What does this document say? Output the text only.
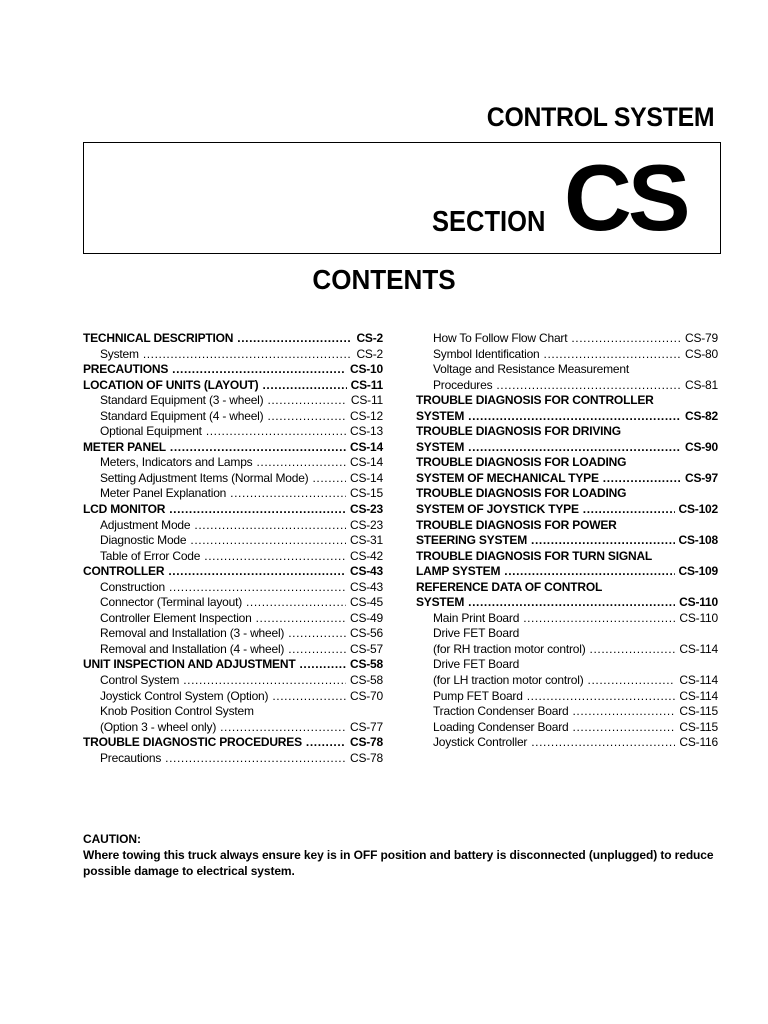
CONTROL SYSTEM
SECTION CS
CONTENTS
TECHNICAL DESCRIPTION .....	CS-2
System .....	CS-2
PRECAUTIONS .....	CS-10
LOCATION OF UNITS (LAYOUT) .....	CS-11
Standard Equipment (3 - wheel) .....	CS-11
Standard Equipment (4 - wheel) .....	CS-12
Optional Equipment .....	CS-13
METER PANEL .....	CS-14
Meters, Indicators and Lamps .....	CS-14
Setting Adjustment Items (Normal Mode) .....	CS-14
Meter Panel Explanation .....	CS-15
LCD MONITOR .....	CS-23
Adjustment Mode .....	CS-23
Diagnostic Mode .....	CS-31
Table of Error Code .....	CS-42
CONTROLLER .....	CS-43
Construction .....	CS-43
Connector (Terminal layout) .....	CS-45
Controller Element Inspection .....	CS-49
Removal and Installation (3 - wheel) .....	CS-56
Removal and Installation (4 - wheel) .....	CS-57
UNIT INSPECTION AND ADJUSTMENT .....	CS-58
Control System .....	CS-58
Joystick Control System (Option) .....	CS-70
Knob Position Control System
(Option 3 - wheel only) .....	CS-77
TROUBLE DIAGNOSTIC PROCEDURES .....	CS-78
Precautions .....	CS-78
How To Follow Flow Chart .....	CS-79
Symbol Identification .....	CS-80
Voltage and Resistance Measurement
Procedures .....	CS-81
TROUBLE DIAGNOSIS FOR CONTROLLER
SYSTEM .....	CS-82
TROUBLE DIAGNOSIS FOR DRIVING
SYSTEM .....	CS-90
TROUBLE DIAGNOSIS FOR LOADING
SYSTEM OF MECHANICAL TYPE .....	CS-97
TROUBLE DIAGNOSIS FOR LOADING
SYSTEM OF JOYSTICK TYPE .....	CS-102
TROUBLE DIAGNOSIS FOR POWER
STEERING SYSTEM .....	CS-108
TROUBLE DIAGNOSIS FOR TURN SIGNAL
LAMP SYSTEM .....	CS-109
REFERENCE DATA OF CONTROL
SYSTEM .....	CS-110
Main Print Board .....	CS-110
Drive FET Board
(for RH traction motor control) .....	CS-114
Drive FET Board
(for LH traction motor control) .....	CS-114
Pump FET Board .....	CS-114
Traction Condenser Board .....	CS-115
Loading Condenser Board .....	CS-115
Joystick Controller .....	CS-116
CAUTION:
Where towing this truck always ensure key is in OFF position and battery is disconnected (unplugged) to reduce possible damage to electrical system.
